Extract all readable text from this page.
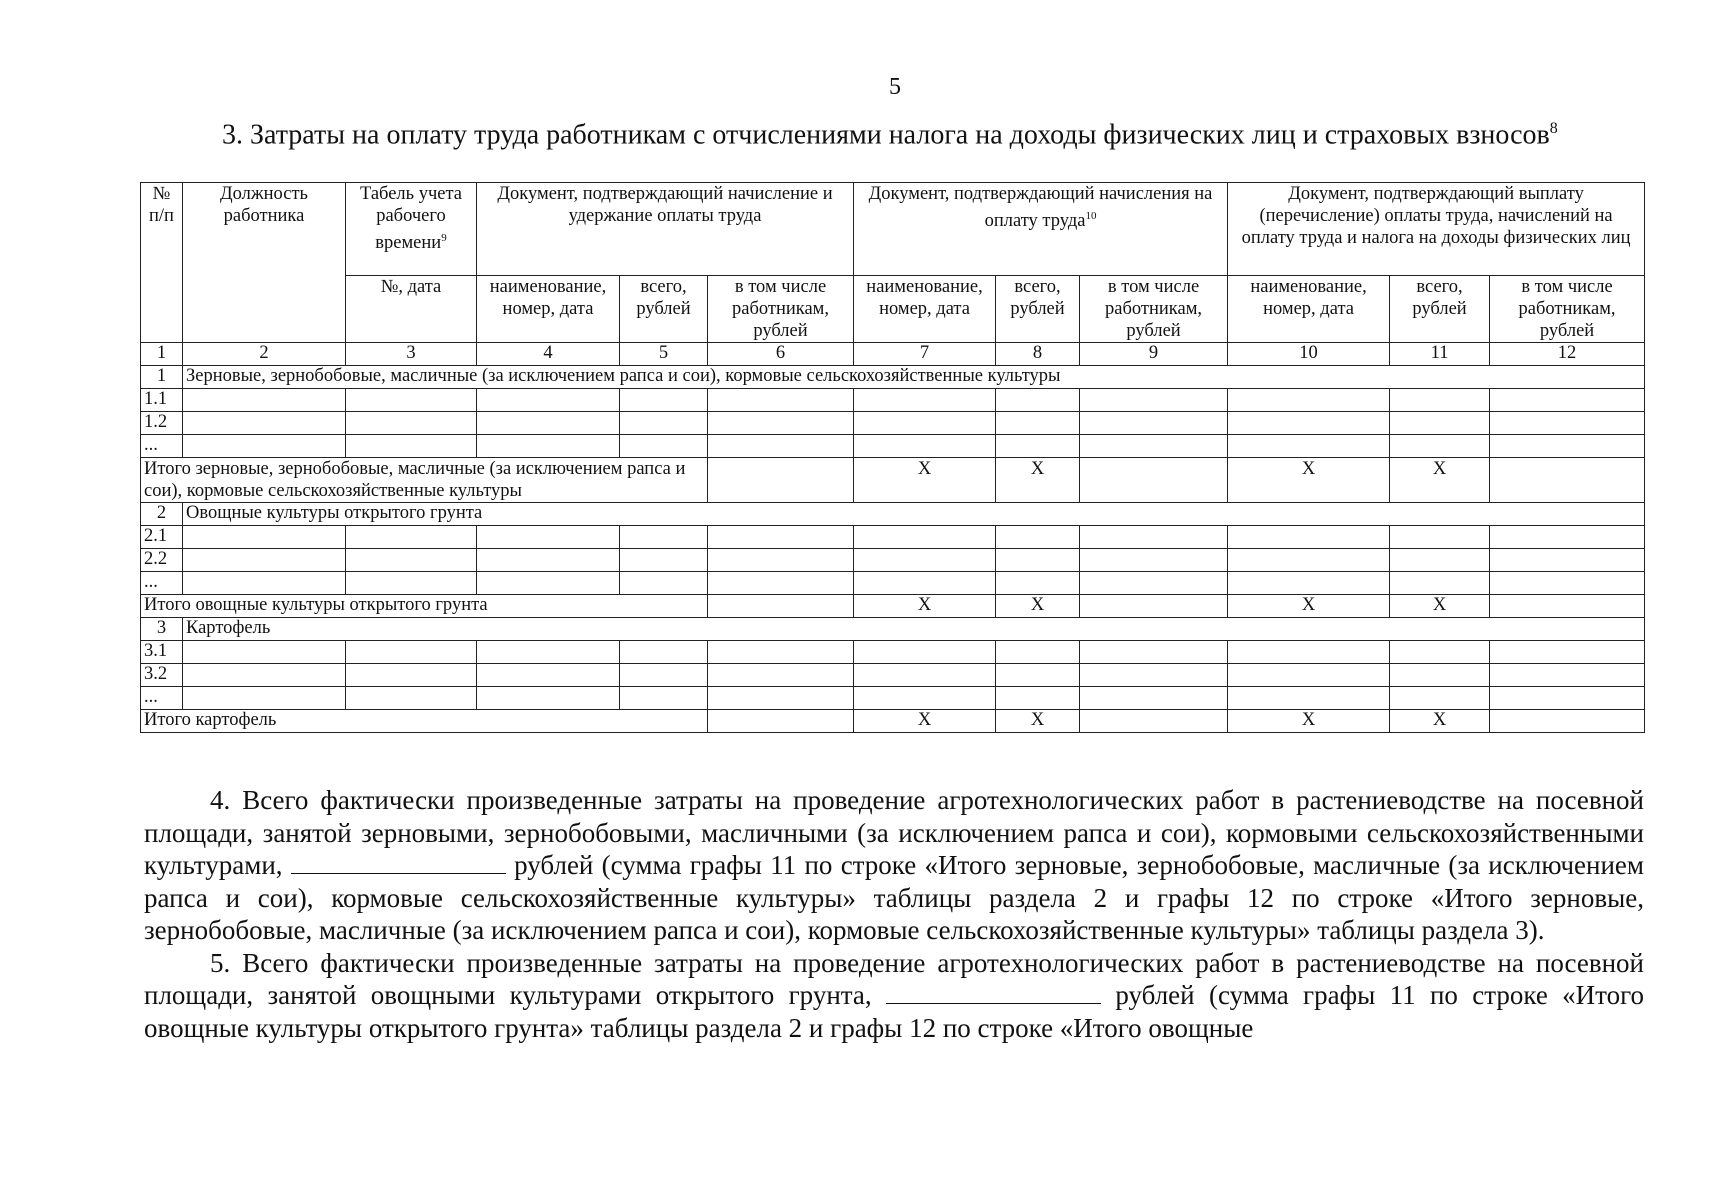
5
3. Затраты на оплату труда работникам с отчислениями налога на доходы физических лиц и страховых взносов$^8$
№ п/п	Должность работника	Табель учета рабочего времени$^9$	Документ, подтверждающий начисление и удержание оплаты труда			Документ, подтверждающий начисления на оплату труда$^{10}$			Документ, подтверждающий выплату (перечисление) оплаты труда, начислений на оплату труда и налога на доходы физических лиц		
		№, дата	наименование, номер, дата	всего, рублей	в том числе работникам, рублей	наименование, номер, дата	всего, рублей	в том числе работникам, рублей	наименование, номер, дата	всего, рублей	в том числе работникам, рублей
1	2	3	4	5	6	7	8	9	10	11	12
1	Зерновые, зернобобовые, масличные (за исключением рапса и сои), кормовые сельскохозяйственные культуры										
1.1											
1.2											
...											
Итого зерновые, зернобобовые, масличные (за исключением рапса и сои), кормовые сельскохозяйственные культуры						X	X		X	X	
2	Овощные культуры открытого грунта										
2.1											
2.2											
...											
Итого овощные культуры открытого грунта						X	X		X	X	
3	Картофель										
3.1											
3.2											
...											
Итого картофель						X	X		X	X	

4. Всего фактически произведенные затраты на проведение агротехнологических работ в растениеводстве на посевной площади, занятой зерновыми, зернобобовыми, масличными (за исключением рапса и сои), кормовыми сельскохозяйственными культурами,	рублей (сумма графы 11 по строке «Итого зерновые, зернобобовые, масличные (за исключением рапса и сои), кормовые сельскохозяйственные культуры» таблицы раздела 2 и графы 12 по строке «Итого зерновые, зернобобовые, масличные (за исключением рапса и сои), кормовые сельскохозяйственные культуры» таблицы раздела 3).

5. Всего фактически произведенные затраты на проведение агротехнологических работ в растениеводстве на посевной площади, занятой овощными культурами открытого грунта,	рублей (сумма графы 11 по строке «Итого овощные культуры открытого грунта» таблицы раздела 2 и графы 12 по строке «Итого овощные
